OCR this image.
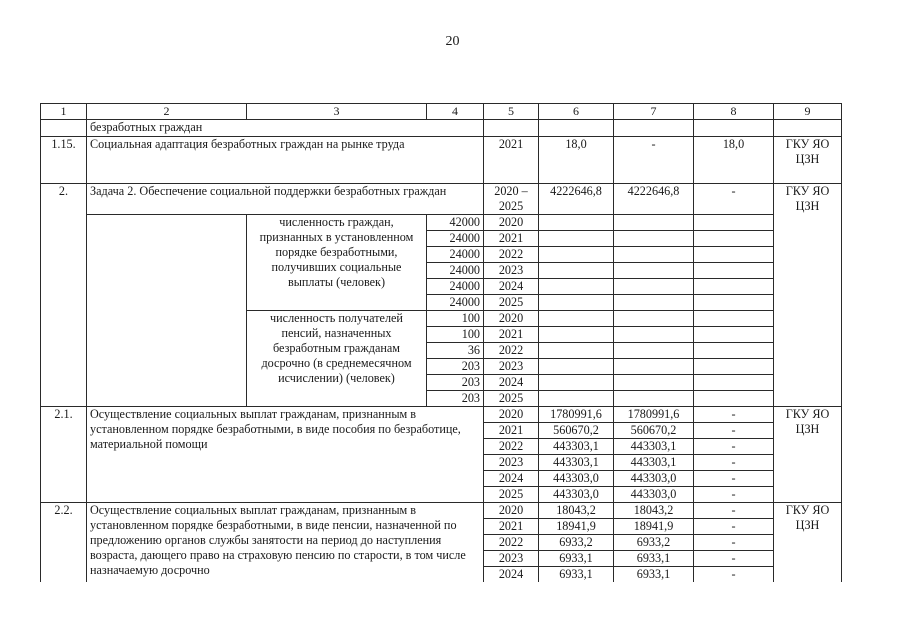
20
1	2	3	4	5	6	7	8	9
	безработных граждан							
1.15.	Социальная адаптация безработных граждан на рынке труда			2021	18,0	-	18,0	ГКУ ЯО ЦЗН
2.	Задача 2. Обеспечение социальной поддержки безработных граждан			2020 – 2025	4222646,8	4222646,8	-	ГКУ ЯО ЦЗН
		численность граждан, признанных в установленном порядке безработными, получивших социальные выплаты (человек)	42000	2020				
			24000	2021				
			24000	2022				
			24000	2023				
			24000	2024				
			24000	2025				
		численность получателей пенсий, назначенных безработным гражданам досрочно (в среднемесячном исчислении) (человек)	100	2020				
			100	2021				
			36	2022				
			203	2023				
			203	2024				
			203	2025				
2.1.	Осуществление социальных выплат гражданам, признанным в установленном порядке безработными, в виде пособия по безработице, материальной помощи			2020	1780991,6	1780991,6	-	ГКУ ЯО ЦЗН
				2021	560670,2	560670,2	-	
				2022	443303,1	443303,1	-	
				2023	443303,1	443303,1	-	
				2024	443303,0	443303,0	-	
				2025	443303,0	443303,0	-	
2.2.	Осуществление социальных выплат гражданам, признанным в установленном порядке безработными, в виде пенсии, назначенной по предложению органов службы занятости на период до наступления возраста, дающего право на страховую пенсию по старости, в том числе назначаемую досрочно			2020	18043,2	18043,2	-	ГКУ ЯО ЦЗН
				2021	18941,9	18941,9	-	
				2022	6933,2	6933,2	-	
				2023	6933,1	6933,1	-	
				2024	6933,1	6933,1	-	
